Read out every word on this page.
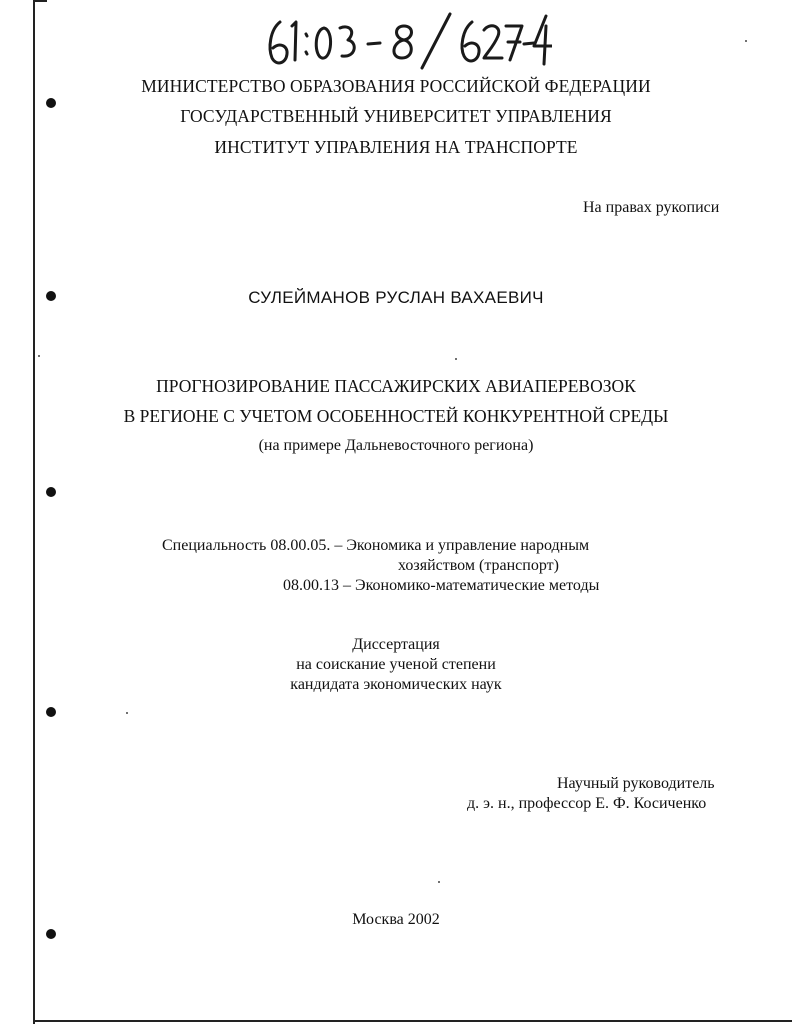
МИНИСТЕРСТВО ОБРАЗОВАНИЯ РОССИЙСКОЙ ФЕДЕРАЦИИ
ГОСУДАРСТВЕННЫЙ УНИВЕРСИТЕТ УПРАВЛЕНИЯ
ИНСТИТУТ УПРАВЛЕНИЯ НА ТРАНСПОРТЕ
На правах рукописи
СУЛЕЙМАНОВ РУСЛАН ВАХАЕВИЧ
ПРОГНОЗИРОВАНИЕ ПАССАЖИРСКИХ АВИАПЕРЕВОЗОК
В РЕГИОНЕ С УЧЕТОМ ОСОБЕННОСТЕЙ КОНКУРЕНТНОЙ СРЕДЫ
(на примере Дальневосточного региона)
Специальность 08.00.05. – Экономика и управление народным
хозяйством (транспорт)
08.00.13 – Экономико-математические методы
Диссертация
на соискание ученой степени
кандидата экономических наук
Научный руководитель
д. э. н., профессор Е. Ф. Косиченко
Москва 2002
